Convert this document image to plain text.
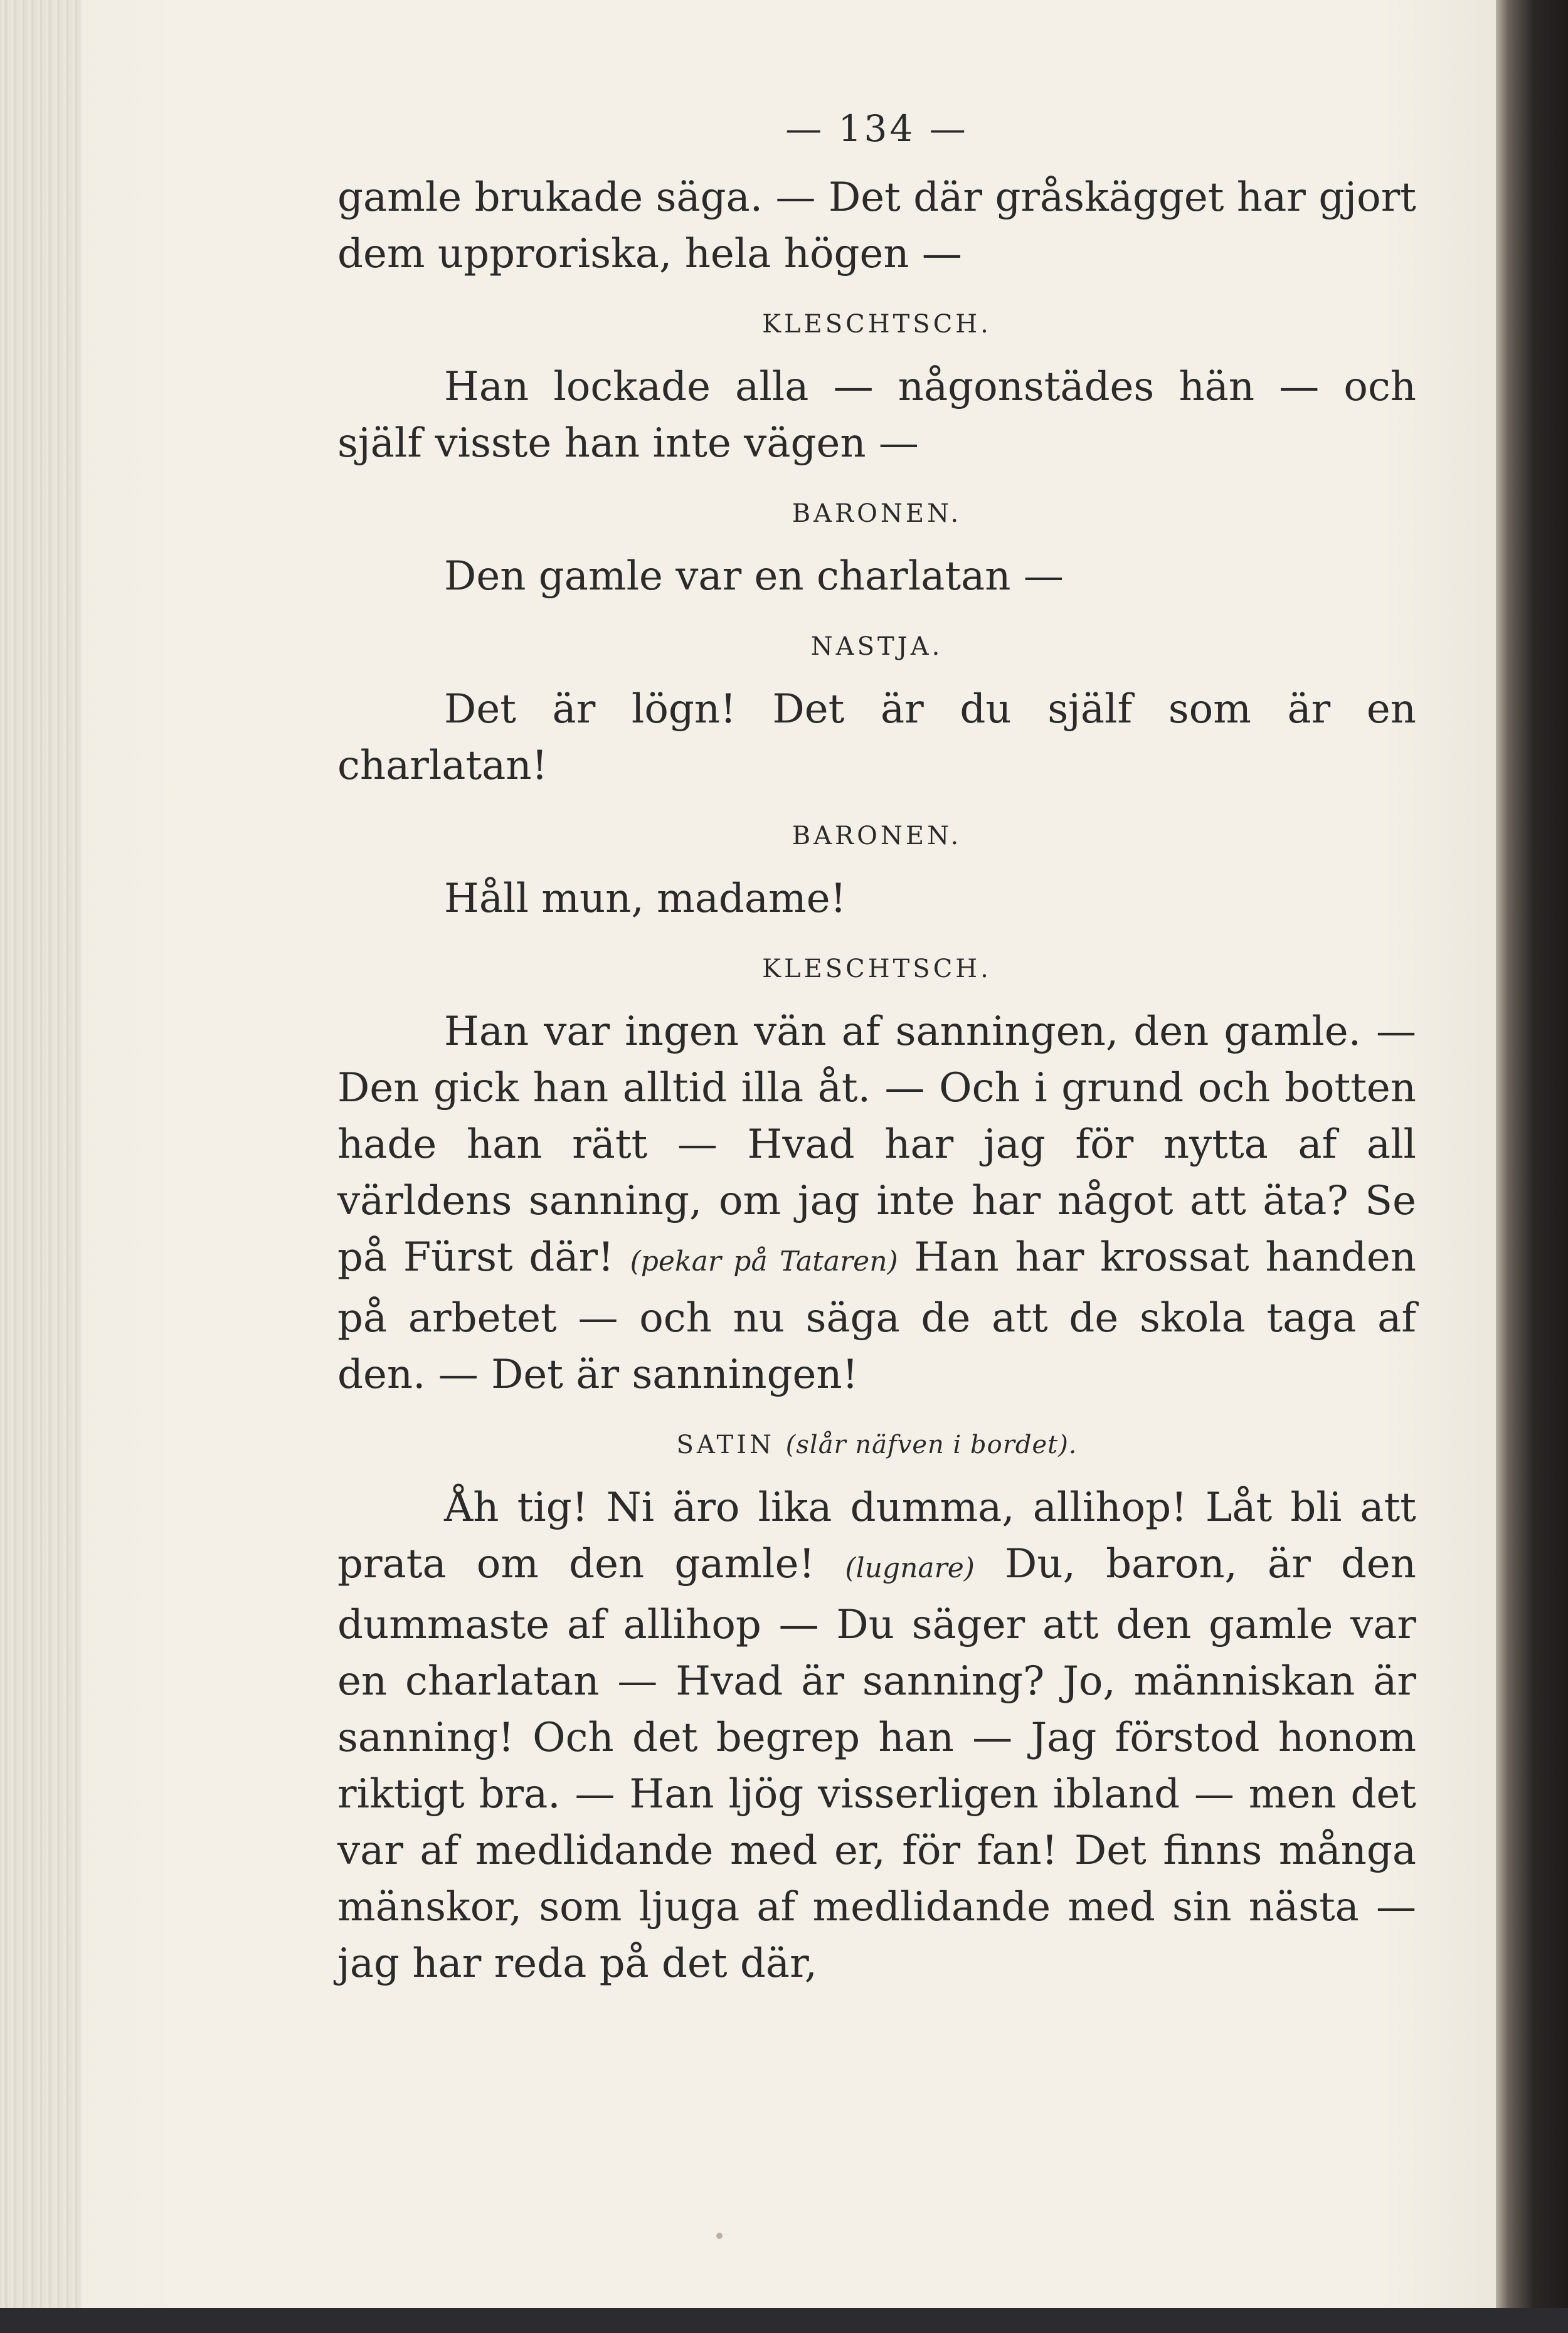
— 134 —

gamle brukade säga. — Det där gråskägget har gjort dem upproriska, hela högen —

KLESCHTSCH.

Han lockade alla — någonstädes hän — och själf visste han inte vägen —

BARONEN.

Den gamle var en charlatan —

NASTJA.

Det är lögn! Det är du själf som är en charlatan!

BARONEN.

Håll mun, madame!

KLESCHTSCH.

Han var ingen vän af sanningen, den gamle. — Den gick han alltid illa åt. — Och i grund och botten hade han rätt — Hvad har jag för nytta af all världens sanning, om jag inte har något att äta? Se på Fürst där! (pekar på Tataren) Han har krossat handen på arbetet — och nu säga de att de skola taga af den. — Det är sanningen!

SATIN (slår näfven i bordet).

Åh tig! Ni äro lika dumma, allihop! Låt bli att prata om den gamle! (lugnare) Du, baron, är den dummaste af allihop — Du säger att den gamle var en charlatan — Hvad är sanning? Jo, människan är sanning! Och det begrep han — Jag förstod honom riktigt bra. — Han ljög visserligen ibland — men det var af medlidande med er, för fan! Det finns många mänskor, som ljuga af medlidande med sin nästa — jag har reda på det där,
